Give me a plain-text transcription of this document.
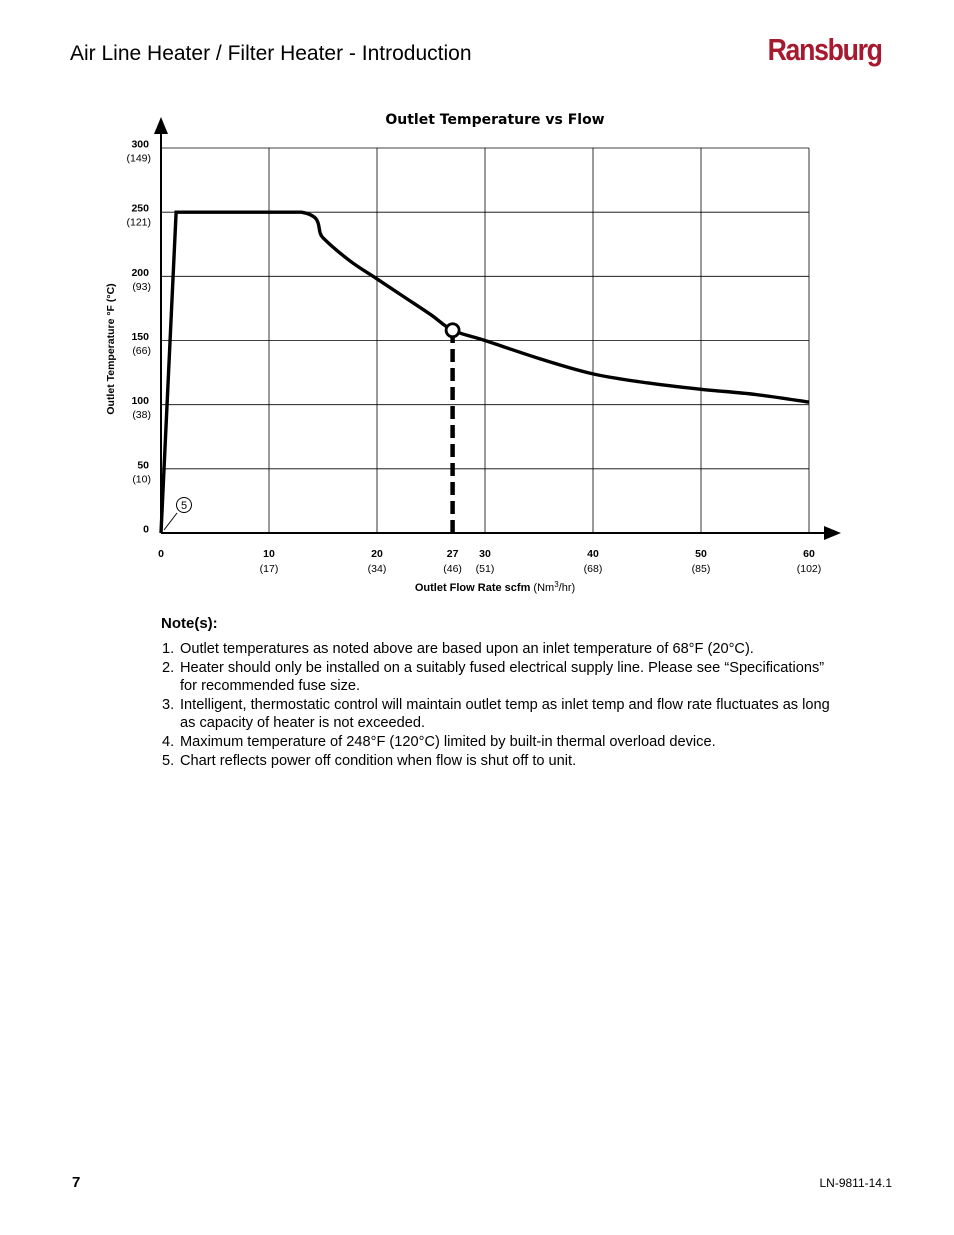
Air Line Heater / Filter Heater - Introduction	Ransburg
Outlet Temperature vs Flow
0
50
(10)
100
(38)
150
(66)
200
(93)
250
(121)
300
(149)
0	10
(17)
20
(34)
27
(46)
30
(51)
40
(68)
50
(85)
60
(102)
5
Outlet Temperature °F (°C)
Outlet Flow Rate scfm (Nm$^3$/hr)
Note(s):
1. Outlet temperatures as noted above are based upon an inlet temperature of 68°F (20°C).
2. Heater should only be installed on a suitably fused electrical supply line. Please see “Specifications” for recommended fuse size.
3. Intelligent, thermostatic control will maintain outlet temp as inlet temp and flow rate fluctuates as long as capacity of heater is not exceeded.
4. Maximum temperature of 248°F (120°C) limited by built-in thermal overload device.
5. Chart reflects power off condition when flow is shut off to unit.
7	LN-9811-14.1
